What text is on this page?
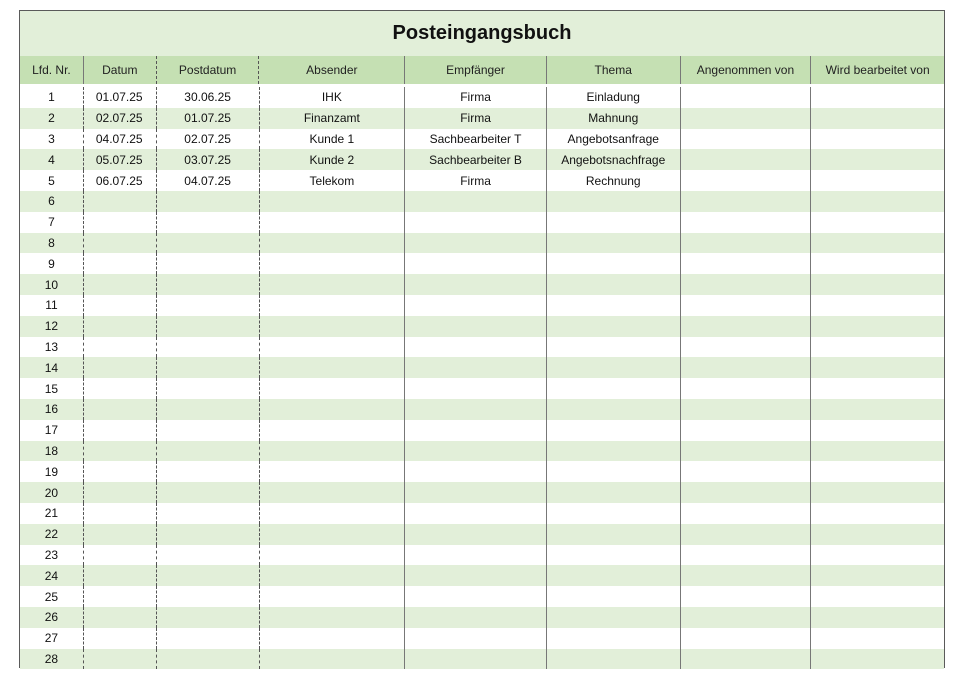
Posteingangsbuch
Lfd. Nr.	Datum	Postdatum	Absender	Empfänger	Thema	Angenommen von	Wird bearbeitet von
1	01.07.25	30.06.25	IHK	Firma	Einladung
2	02.07.25	01.07.25	Finanzamt	Firma	Mahnung
3	04.07.25	02.07.25	Kunde 1	Sachbearbeiter T	Angebotsanfrage
4	05.07.25	03.07.25	Kunde 2	Sachbearbeiter B	Angebotsnachfrage
5	06.07.25	04.07.25	Telekom	Firma	Rechnung
6
7
8
9
10
11
12
13
14
15
16
17
18
19
20
21
22
23
24
25
26
27
28
